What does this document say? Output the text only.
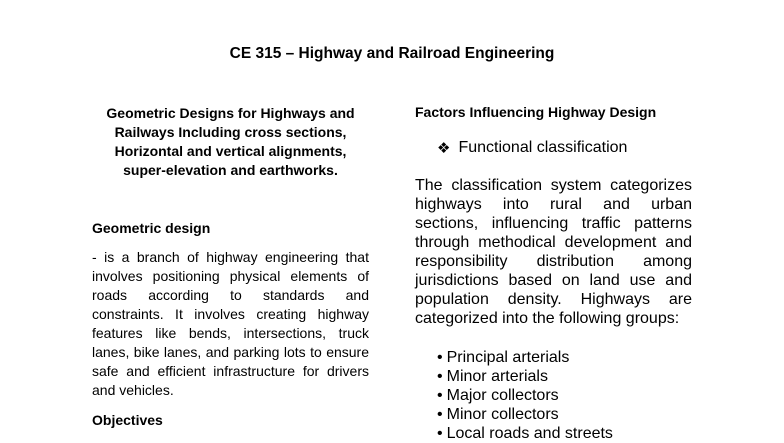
CE 315 – Highway and Railroad Engineering

Geometric Designs for Highways and Railways Including cross sections, Horizontal and vertical alignments, super-elevation and earthworks.

Geometric design

- is a branch of highway engineering that involves positioning physical elements of roads according to standards and constraints. It involves creating highway features like bends, intersections, truck lanes, bike lanes, and parking lots to ensure safe and efficient infrastructure for drivers and vehicles.

Objectives

Factors Influencing Highway Design

❖ Functional classification

The classification system categorizes highways into rural and urban sections, influencing traffic patterns through methodical development and responsibility distribution among jurisdictions based on land use and population density. Highways are categorized into the following groups:

• Principal arterials
• Minor arterials
• Major collectors
• Minor collectors
• Local roads and streets
